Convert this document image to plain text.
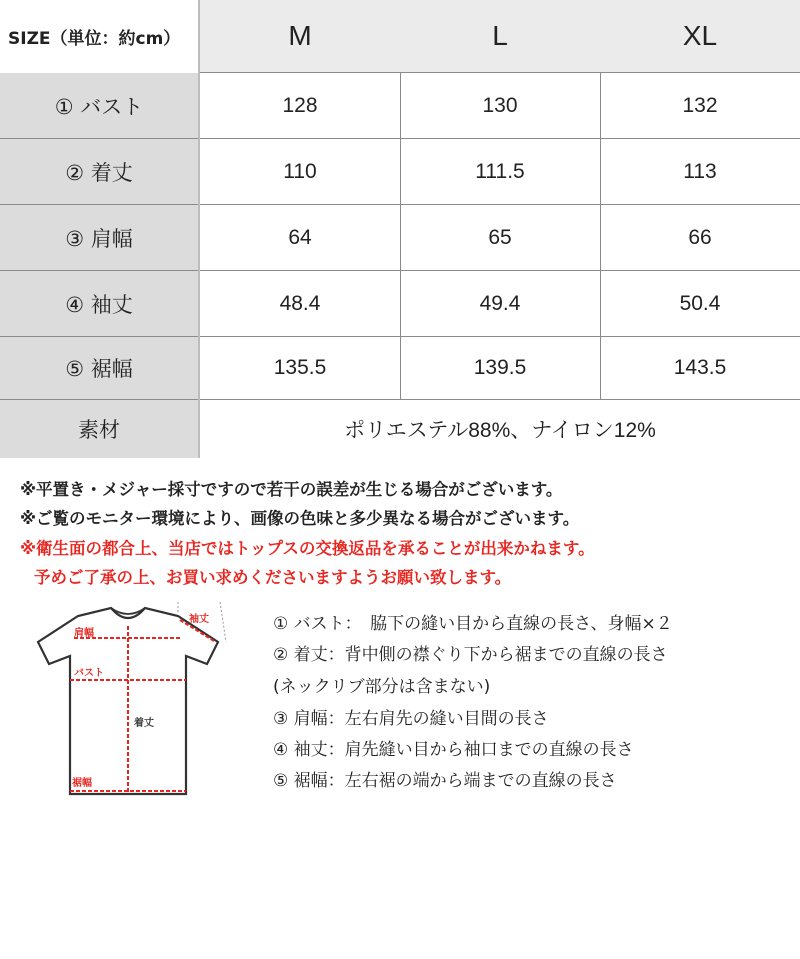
SIZE（単位：約cm）	M	L	XL
① バスト	128	130	132
② 着丈	110	111.5	113
③ 肩幅	64	65	66
④ 袖丈	48.4	49.4	50.4
⑤ 裾幅	135.5	139.5	143.5
素材	ポリエステル88%、ナイロン12%
※平置き・メジャー採寸ですので若干の誤差が生じる場合がございます。
※ご覧のモニター環境により、画像の色味と多少異なる場合がございます。
※衛生面の都合上、当店ではトップスの交換返品を承ることが出来かねます。
予めご了承の上、お買い求めくださいますようお願い致します。
袖丈
肩幅
バスト
着丈
裾幅
① バスト：　脇下の縫い目から直線の長さ、身幅×２
② 着丈：背中側の襟ぐり下から裾までの直線の長さ
(ネックリブ部分は含まない)
③ 肩幅：左右肩先の縫い目間の長さ
④ 袖丈：肩先縫い目から袖口までの直線の長さ
⑤ 裾幅：左右裾の端から端までの直線の長さ
